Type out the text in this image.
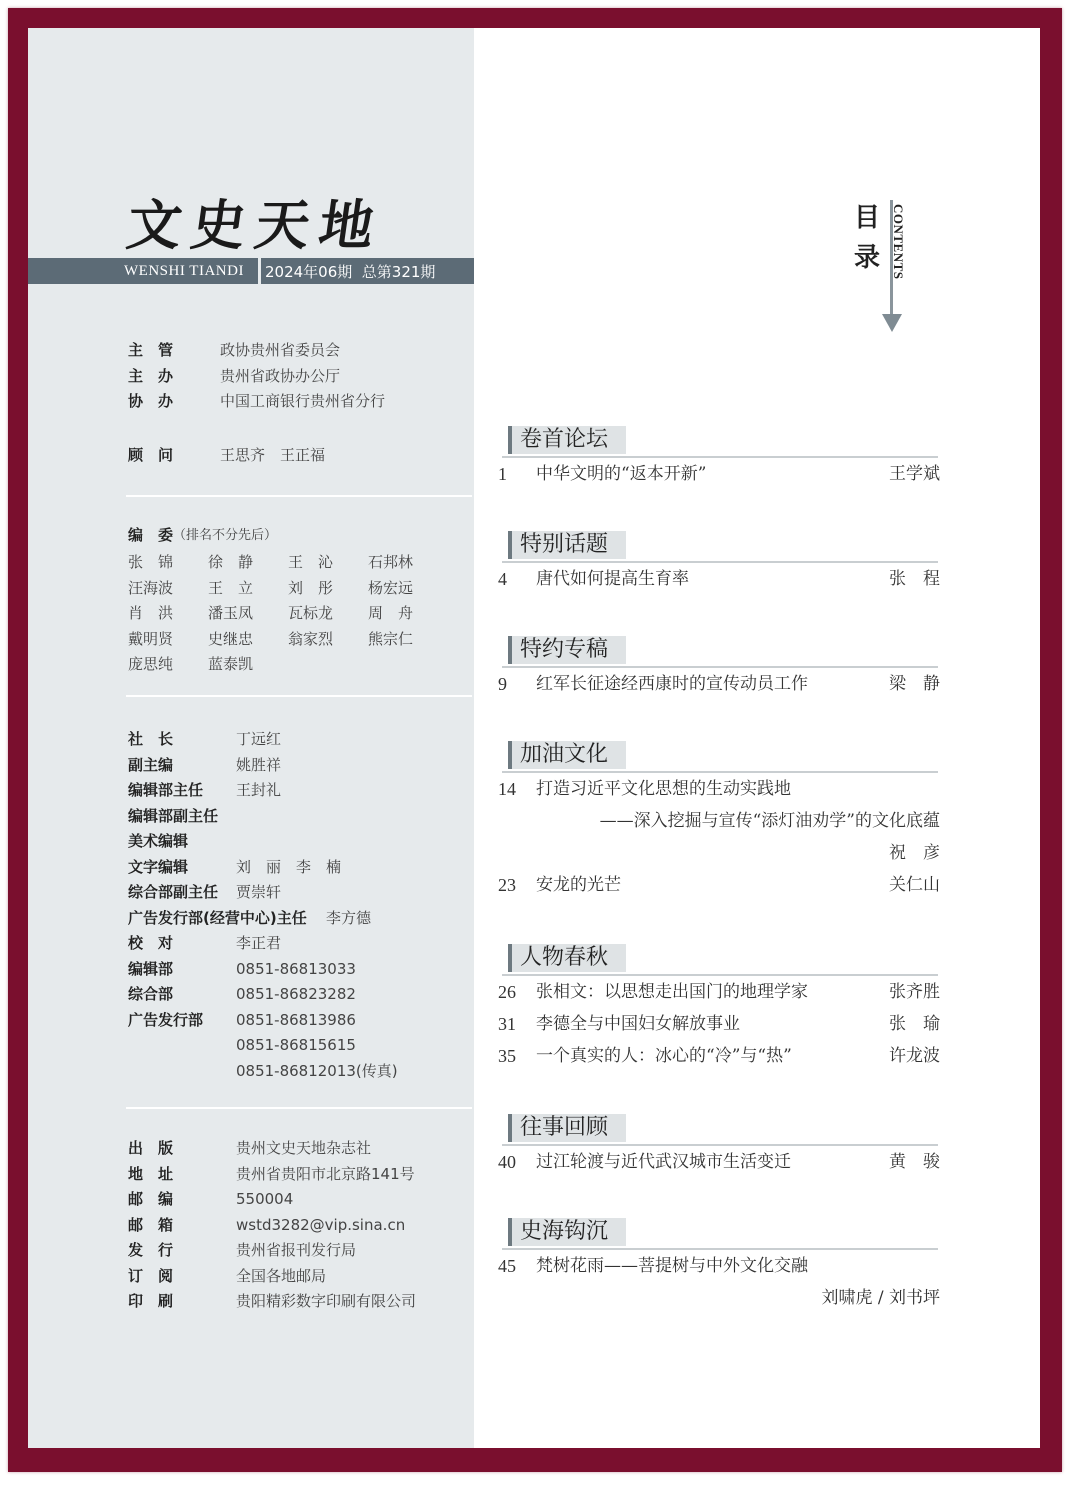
文史天地
WENSHI TIANDI	2024年06期  总第321期
主　管	政协贵州省委员会
主　办	贵州省政协办公厅
协　办	中国工商银行贵州省分行
顾　问	王思齐　王正福
编　委 （排名不分先后）
张　锦	徐　静	王　沁	石邦林
汪海波	王　立	刘　彤	杨宏远
肖　洪	潘玉凤	瓦标龙	周　舟
戴明贤	史继忠	翁家烈	熊宗仁
庞思纯	蓝泰凯
社　长	丁远红
副主编	姚胜祥
编辑部主任	王封礼
编辑部副主任
美术编辑
文字编辑	刘　丽　李　楠
综合部副主任	贾崇轩
广告发行部(经营中心)主任	李方德
校　对	李正君
编辑部	0851-86813033
综合部	0851-86823282
广告发行部	0851-86813986
0851-86815615
0851-86812013(传真)
出　版	贵州文史天地杂志社
地　址	贵州省贵阳市北京路141号
邮　编	550004
邮　箱	wstd3282@vip.sina.cn
发　行	贵州省报刊发行局
订　阅	全国各地邮局
印　刷	贵阳精彩数字印刷有限公司
目录 CONTENTS
卷首论坛
1	中华文明的“返本开新”	王学斌
特别话题
4	唐代如何提高生育率	张　程
特约专稿
9	红军长征途经西康时的宣传动员工作	梁　静
加油文化
14	打造习近平文化思想的生动实践地
——深入挖掘与宣传“添灯油劝学”的文化底蕴
祝　彦
23	安龙的光芒	关仁山
人物春秋
26	张相文：以思想走出国门的地理学家	张齐胜
31	李德全与中国妇女解放事业	张　瑜
35	一个真实的人：冰心的“冷”与“热”	许龙波
往事回顾
40	过江轮渡与近代武汉城市生活变迁	黄　骏
史海钩沉
45	梵树花雨——菩提树与中外文化交融
刘啸虎 / 刘书坪
